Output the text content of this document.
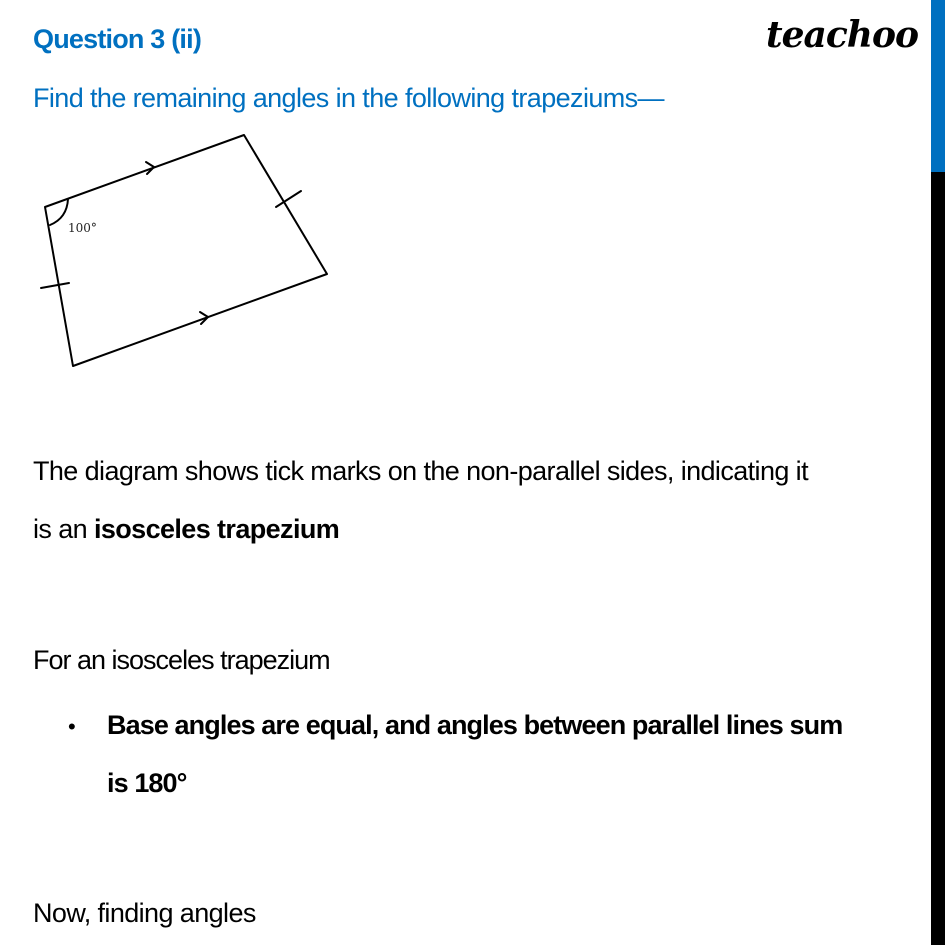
Question 3 (ii)	teachoo
Find the remaining angles in the following trapeziums—
100°
The diagram shows tick marks on the non-parallel sides, indicating it
is an isosceles trapezium
For an isosceles trapezium
• Base angles are equal, and angles between parallel lines sum
is 180°
Now, finding angles
